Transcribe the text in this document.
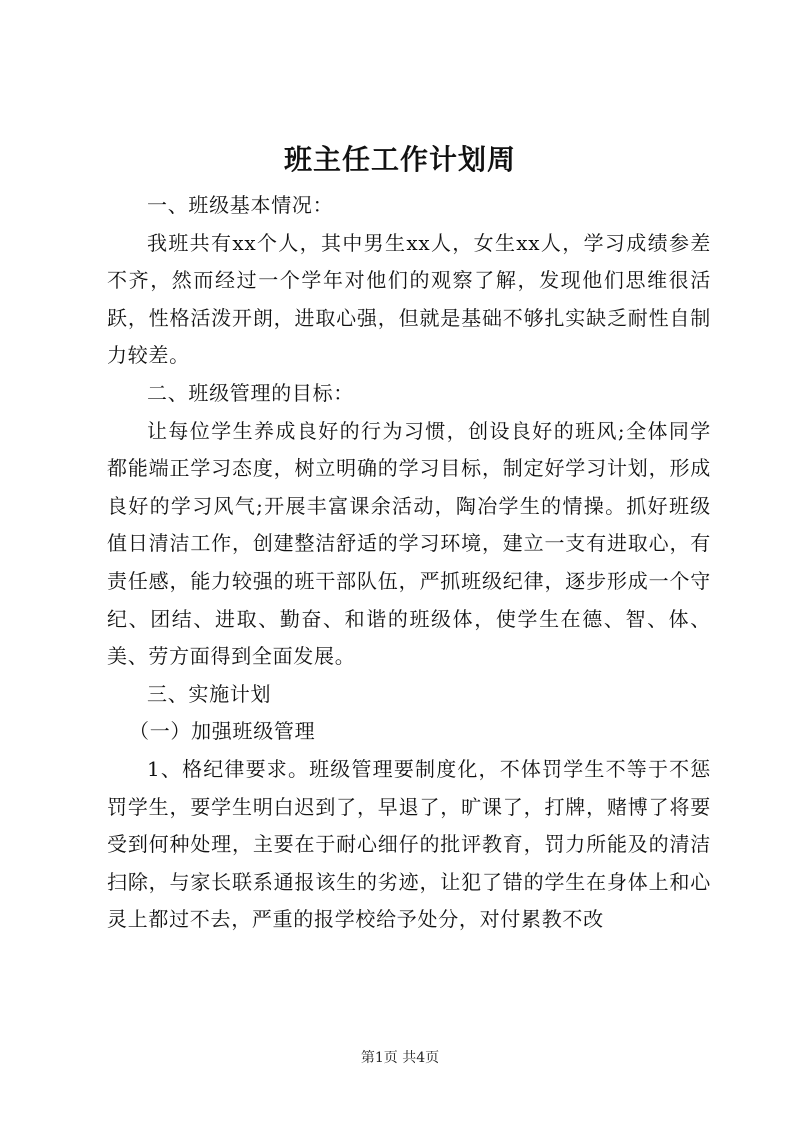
班主任工作计划周

一、班级基本情况：

我班共有xx个人，其中男生xx人，女生xx人，学习成绩参差不齐，然而经过一个学年对他们的观察了解，发现他们思维很活跃，性格活泼开朗，进取心强，但就是基础不够扎实缺乏耐性自制力较差。

二、班级管理的目标：

让每位学生养成良好的行为习惯，创设良好的班风;全体同学都能端正学习态度，树立明确的学习目标，制定好学习计划，形成良好的学习风气;开展丰富课余活动，陶冶学生的情操。抓好班级值日清洁工作，创建整洁舒适的学习环境，建立一支有进取心，有责任感，能力较强的班干部队伍，严抓班级纪律，逐步形成一个守纪、团结、进取、勤奋、和谐的班级体，使学生在德、智、体、美、劳方面得到全面发展。

三、实施计划

（一）加强班级管理

1、格纪律要求。班级管理要制度化，不体罚学生不等于不惩罚学生，要学生明白迟到了，早退了，旷课了，打牌，赌博了将要受到何种处理，主要在于耐心细仔的批评教育，罚力所能及的清洁扫除，与家长联系通报该生的劣迹，让犯了错的学生在身体上和心灵上都过不去，严重的报学校给予处分，对付累教不改

第1页 共4页
